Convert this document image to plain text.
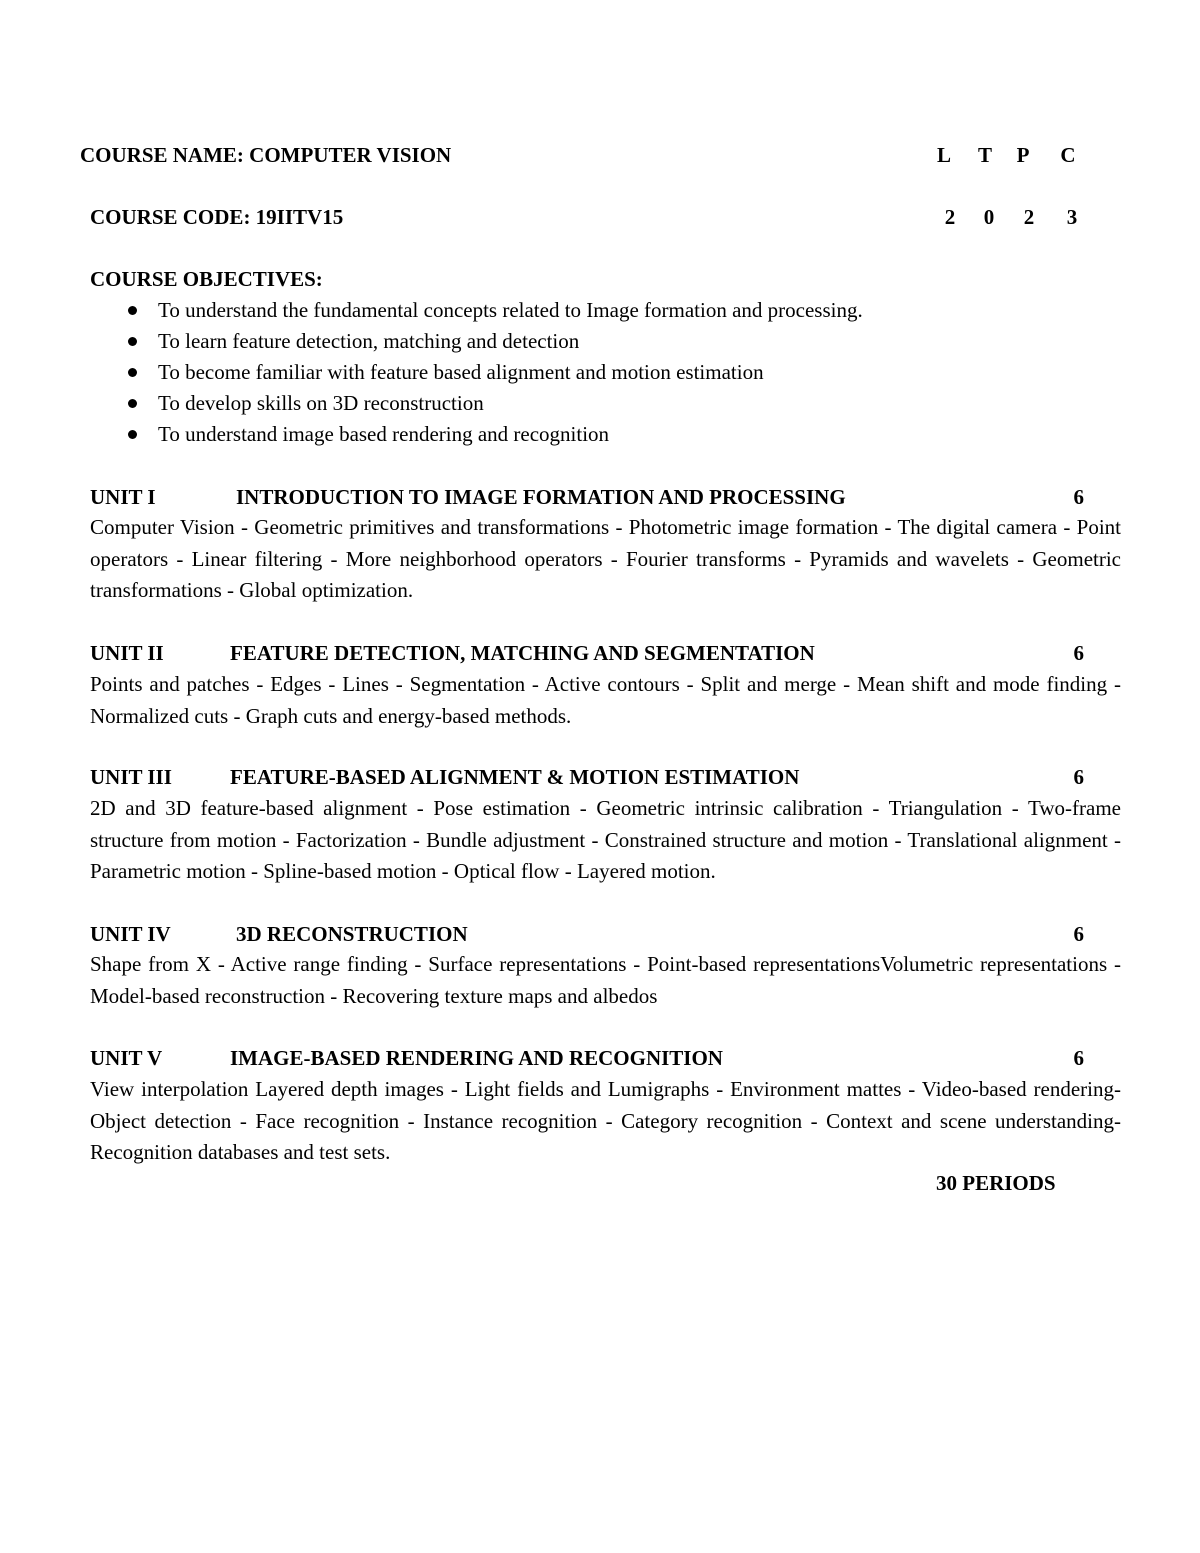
COURSE NAME: COMPUTER VISION	L T P C
COURSE CODE: 19IITV15	2	0	2	3
COURSE OBJECTIVES:
To understand the fundamental concepts related to Image formation and processing.
To learn feature detection, matching and detection
To become familiar with feature based alignment and motion estimation
To develop skills on 3D reconstruction
To understand image based rendering and recognition
UNIT I	INTRODUCTION TO IMAGE FORMATION AND PROCESSING	6

Computer Vision - Geometric primitives and transformations - Photometric image formation - The digital camera - Point operators - Linear filtering - More neighborhood operators - Fourier transforms - Pyramids and wavelets - Geometric transformations - Global optimization.

UNIT II	FEATURE DETECTION, MATCHING AND SEGMENTATION	6

Points and patches - Edges - Lines - Segmentation - Active contours - Split and merge - Mean shift and mode finding - Normalized cuts - Graph cuts and energy-based methods.

UNIT III	FEATURE-BASED ALIGNMENT & MOTION ESTIMATION	6

2D and 3D feature-based alignment - Pose estimation - Geometric intrinsic calibration - Triangulation - Two-frame structure from motion - Factorization - Bundle adjustment - Constrained structure and motion - Translational alignment - Parametric motion - Spline-based motion - Optical flow - Layered motion.

UNIT IV	3D RECONSTRUCTION	6

Shape from X - Active range finding - Surface representations - Point-based representationsVolumetric representations - Model-based reconstruction - Recovering texture maps and albedos

UNIT V	IMAGE-BASED RENDERING AND RECOGNITION	6

View interpolation Layered depth images - Light fields and Lumigraphs - Environment mattes - Video-based rendering-Object detection - Face recognition - Instance recognition - Category recognition - Context and scene understanding- Recognition databases and test sets.

30 PERIODS
